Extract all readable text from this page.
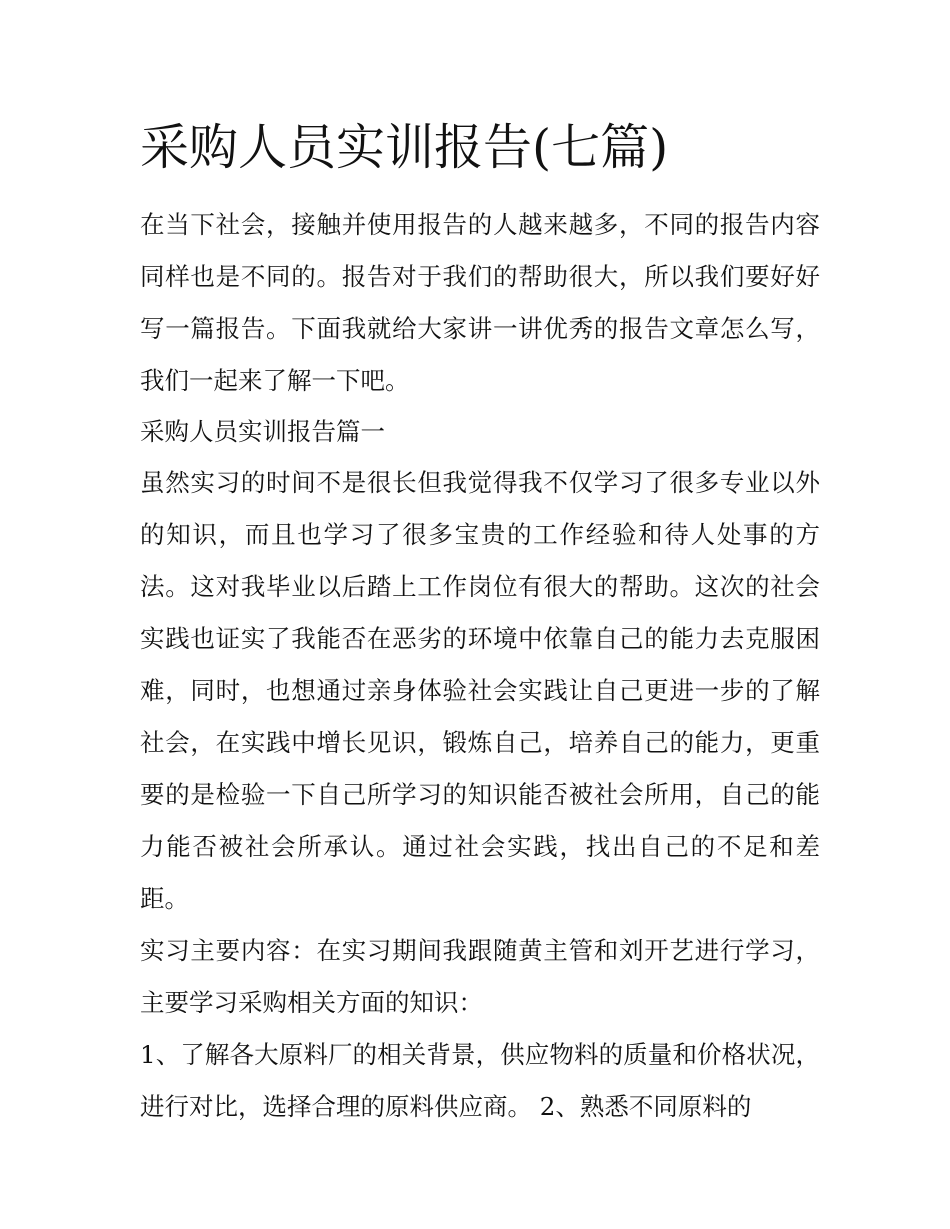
采购人员实训报告(七篇)

在当下社会，接触并使用报告的人越来越多，不同的报告内容同样也是不同的。报告对于我们的帮助很大，所以我们要好好写一篇报告。下面我就给大家讲一讲优秀的报告文章怎么写，我们一起来了解一下吧。

采购人员实训报告篇一

虽然实习的时间不是很长但我觉得我不仅学习了很多专业以外的知识，而且也学习了很多宝贵的工作经验和待人处事的方法。这对我毕业以后踏上工作岗位有很大的帮助。这次的社会实践也证实了我能否在恶劣的环境中依靠自己的能力去克服困难，同时，也想通过亲身体验社会实践让自己更进一步的了解社会，在实践中增长见识，锻炼自己，培养自己的能力，更重要的是检验一下自己所学习的知识能否被社会所用，自己的能力能否被社会所承认。通过社会实践，找出自己的不足和差距。

实习主要内容：在实习期间我跟随黄主管和刘开艺进行学习，主要学习采购相关方面的知识：

1、了解各大原料厂的相关背景，供应物料的质量和价格状况，进行对比，选择合理的原料供应商。 2、熟悉不同原料的
